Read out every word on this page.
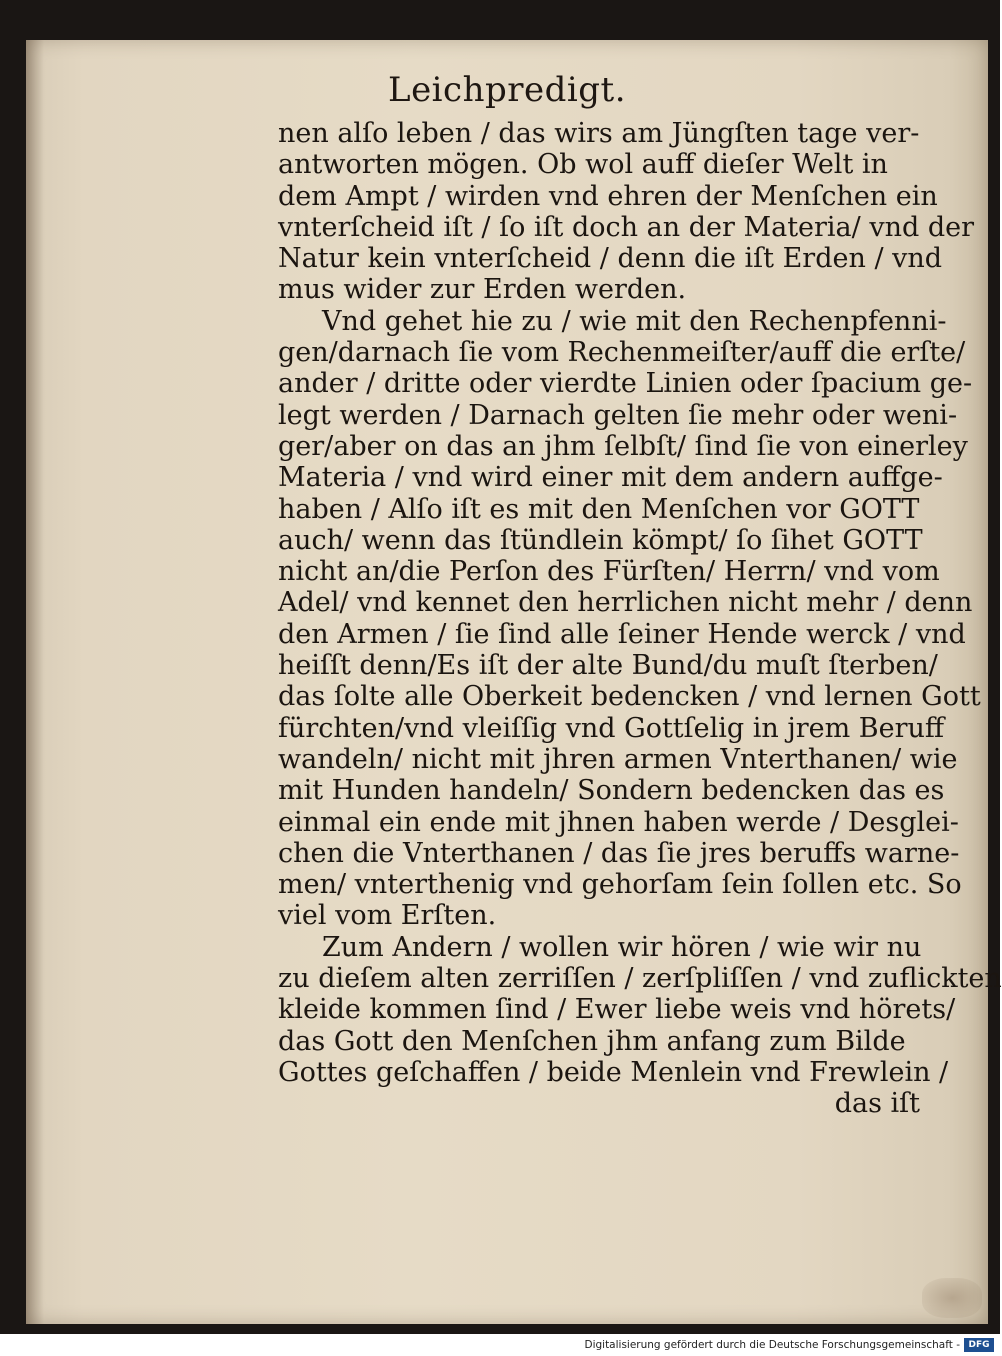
Leichpredigt.
nen alſo leben / das wirs am Jüngſten tage ver-
antworten mögen. Ob wol auff dieſer Welt in
dem Ampt / wirden vnd ehren der Menſchen ein
vnterſcheid iſt / ſo iſt doch an der Materia/ vnd der
Natur kein vnterſcheid / denn die iſt Erden / vnd
mus wider zur Erden werden.
Vnd gehet hie zu / wie mit den Rechenpfenni-
gen/darnach ſie vom Rechenmeiſter/auff die erſte/
ander / dritte oder vierdte Linien oder ſpacium ge-
legt werden / Darnach gelten ſie mehr oder weni-
ger/aber on das an jhm ſelbſt/ ſind ſie von einerley
Materia / vnd wird einer mit dem andern auffge-
haben / Alſo iſt es mit den Menſchen vor GOTT
auch/ wenn das ſtündlein kömpt/ ſo ſihet GOTT
nicht an/die Perſon des Fürſten/ Herrn/ vnd vom
Adel/ vnd kennet den herrlichen nicht mehr / denn
den Armen / ſie ſind alle ſeiner Hende werck / vnd
heiſſt denn/Es iſt der alte Bund/du muſt ſterben/
das ſolte alle Oberkeit bedencken / vnd lernen Gott
fürchten/vnd vleiſſig vnd Gottſelig in jrem Beruff
wandeln/ nicht mit jhren armen Vnterthanen/ wie
mit Hunden handeln/ Sondern bedencken das es
einmal ein ende mit jhnen haben werde / Desglei-
chen die Vnterthanen / das ſie jres beruffs warne-
men/ vnterthenig vnd gehorſam ſein ſollen etc. So
viel vom Erſten.
Zum Andern / wollen wir hören / wie wir nu
zu dieſem alten zerriſſen / zerſpliſſen / vnd zuflickten
kleide kommen ſind / Ewer liebe weis vnd hörets/
das Gott den Menſchen jhm anfang zum Bilde
Gottes geſchaffen / beide Menlein vnd Frewlein /
das iſt
Digitalisierung gefördert durch die Deutsche Forschungsgemeinschaft - DFG
